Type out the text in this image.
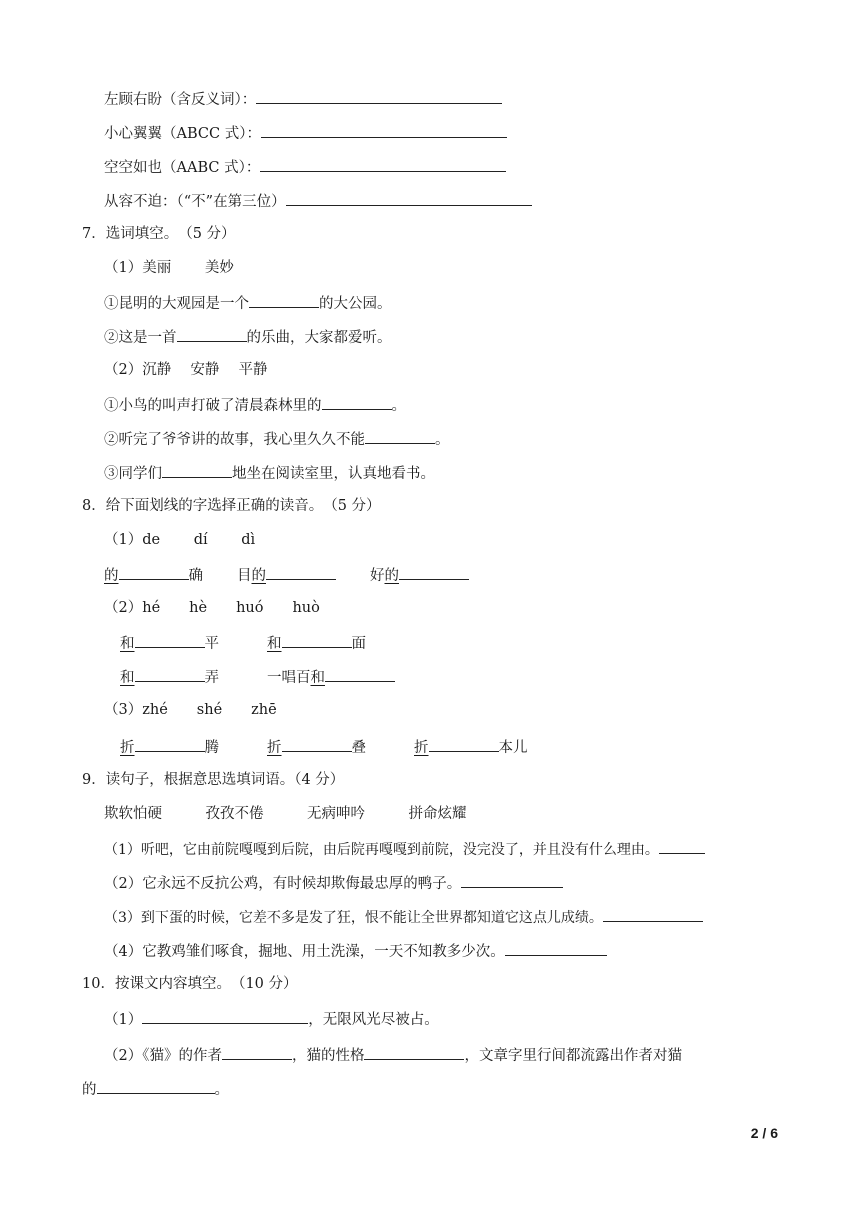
左顾右盼（含反义词）：
小心翼翼（ABCC 式）：
空空如也（AABC 式）：
从容不迫：（“不”在第三位）
7．选词填空。　（5 分）
（1）美丽　　 美妙
①昆明的大观园是一个	的大公园。
②这是一首	的乐曲，大家都爱听。
（2）沉静　 安静　 平静
①小鸟的叫声打破了清晨森林里的	。
②听完了爷爷讲的故事，我心里久久不能	。
③同学们	地坐在阅读室里，认真地看书。
8．给下面划线的字选择正确的读音。　（5 分）
（1）de　　 dí　　 dì
的	确 目的	好的
（2）hé　　hè　　huó　　huò
和	平	和	面
和	弄	一唱百和
（3）zhé　　shé　　zhē
折	腾	折	叠	折	本儿
9．读句子，根据意思选填词语。（4 分）
欺软怕硬　　　孜孜不倦　　　无病呻吟　　　拼命炫耀
（1）听吧，它由前院嘎嘎到后院，由后院再嘎嘎到前院，没完没了，并且没有什么理由。
（2）它永远不反抗公鸡，有时候却欺侮最忠厚的鸭子。
（3）到下蛋的时候，它差不多是发了狂，恨不能让全世界都知道它这点儿成绩。
（4）它教鸡雏们啄食，掘地、用土洗澡，一天不知教多少次。
10．按课文内容填空。　（10 分）
（1）	，无限风光尽被占。
（2）《猫》的作者	，猫的性格	，文章字里行间都流露出作者对猫
的	。
2 / 6
